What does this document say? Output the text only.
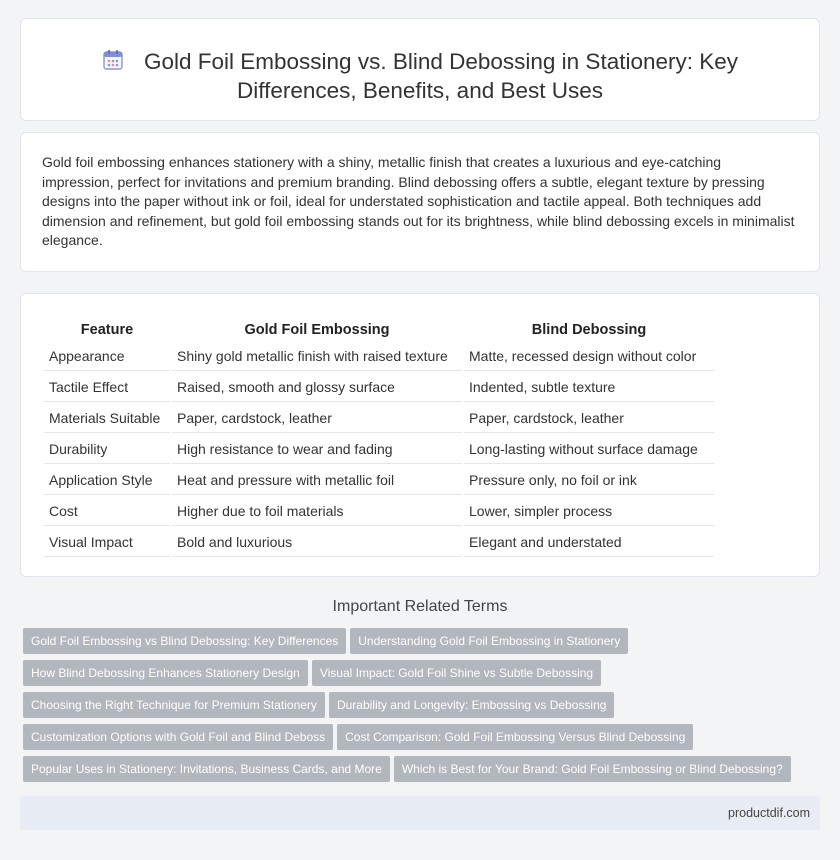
Gold Foil Embossing vs. Blind Debossing in Stationery: Key Differences, Benefits, and Best Uses

Gold foil embossing enhances stationery with a shiny, metallic finish that creates a luxurious and eye-catching impression, perfect for invitations and premium branding. Blind debossing offers a subtle, elegant texture by pressing designs into the paper without ink or foil, ideal for understated sophistication and tactile appeal. Both techniques add dimension and refinement, but gold foil embossing stands out for its brightness, while blind debossing excels in minimalist elegance.

Feature	Gold Foil Embossing	Blind Debossing
Appearance	Shiny gold metallic finish with raised texture	Matte, recessed design without color
Tactile Effect	Raised, smooth and glossy surface	Indented, subtle texture
Materials Suitable	Paper, cardstock, leather	Paper, cardstock, leather
Durability	High resistance to wear and fading	Long-lasting without surface damage
Application Style	Heat and pressure with metallic foil	Pressure only, no foil or ink
Cost	Higher due to foil materials	Lower, simpler process
Visual Impact	Bold and luxurious	Elegant and understated
Important Related Terms
Gold Foil Embossing vs Blind Debossing: Key Differences Understanding Gold Foil Embossing in Stationery
How Blind Debossing Enhances Stationery Design Visual Impact: Gold Foil Shine vs Subtle Debossing
Choosing the Right Technique for Premium Stationery Durability and Longevity: Embossing vs Debossing
Customization Options with Gold Foil and Blind Deboss Cost Comparison: Gold Foil Embossing Versus Blind Debossing
Popular Uses in Stationery: Invitations, Business Cards, and More Which is Best for Your Brand: Gold Foil Embossing or Blind Debossing?
productdif.com
